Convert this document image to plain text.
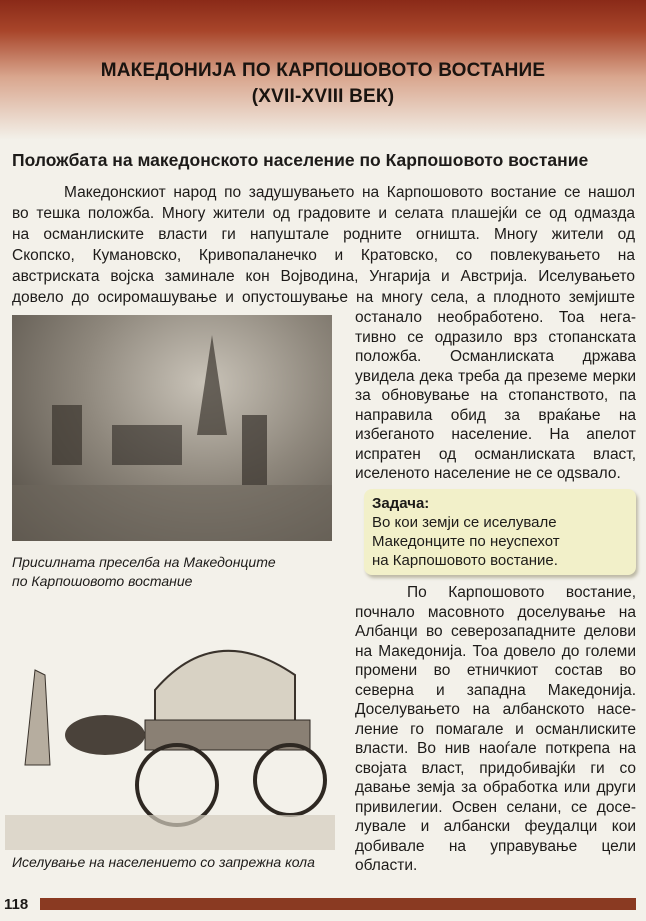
МАКЕДОНИЈА ПО КАРПОШОВОТО ВОСТАНИЕ
(XVII-XVIII ВЕК)
Положбата на македонското население по Карпошовото востание
Македонскиот народ по задушувањето на Карпошовото востание се нашол
во тешка положба. Многу жители од градовите и селата плашејќи се од одмазда
на османлиските власти ги напуштале родните огништа. Многу жители од
Скопско, Кумановско, Кривопаланечко и Кратовско, со повлекувањето на
австриската војска заминале кон Војводина, Унгарија и Австрија. Иселувањето
довело до осиромашување и опустошување на многу села, а плодното земјиште
останало необработено. Тоа нега-
тивно се одразило врз стопанската
положба. Османлиската држава
увидела дека треба да преземе мерки
за обновување на стопанството, па
направила обид за враќање на
избеганото население. На апелот
испратен од османлиската власт,
иселеното население не се одѕвало.
Присилната преселба на Македонците
по Карпошовото востание
Задача:
Во кои земји се иселувале
Македонците по неуспехот
на Карпошовото востание.
По Карпошовото востание,
почнало масовното доселување на
Албанци во северозападните делови
на Македонија. Тоа довело до големи
промени во етничкиот состав во
северна и западна Македонија.
Доселувањето на албанското насе-
ление го помагале и османлиските
власти. Во нив наоѓале поткрепа на
својата власт, придобивајќи ги со
давање земја за обработка или други
привилегии. Освен селани, се досе-
лувале и албански феудалци кои
добивале на управување цели
области.
Иселување на населението со запрежна кола
118
